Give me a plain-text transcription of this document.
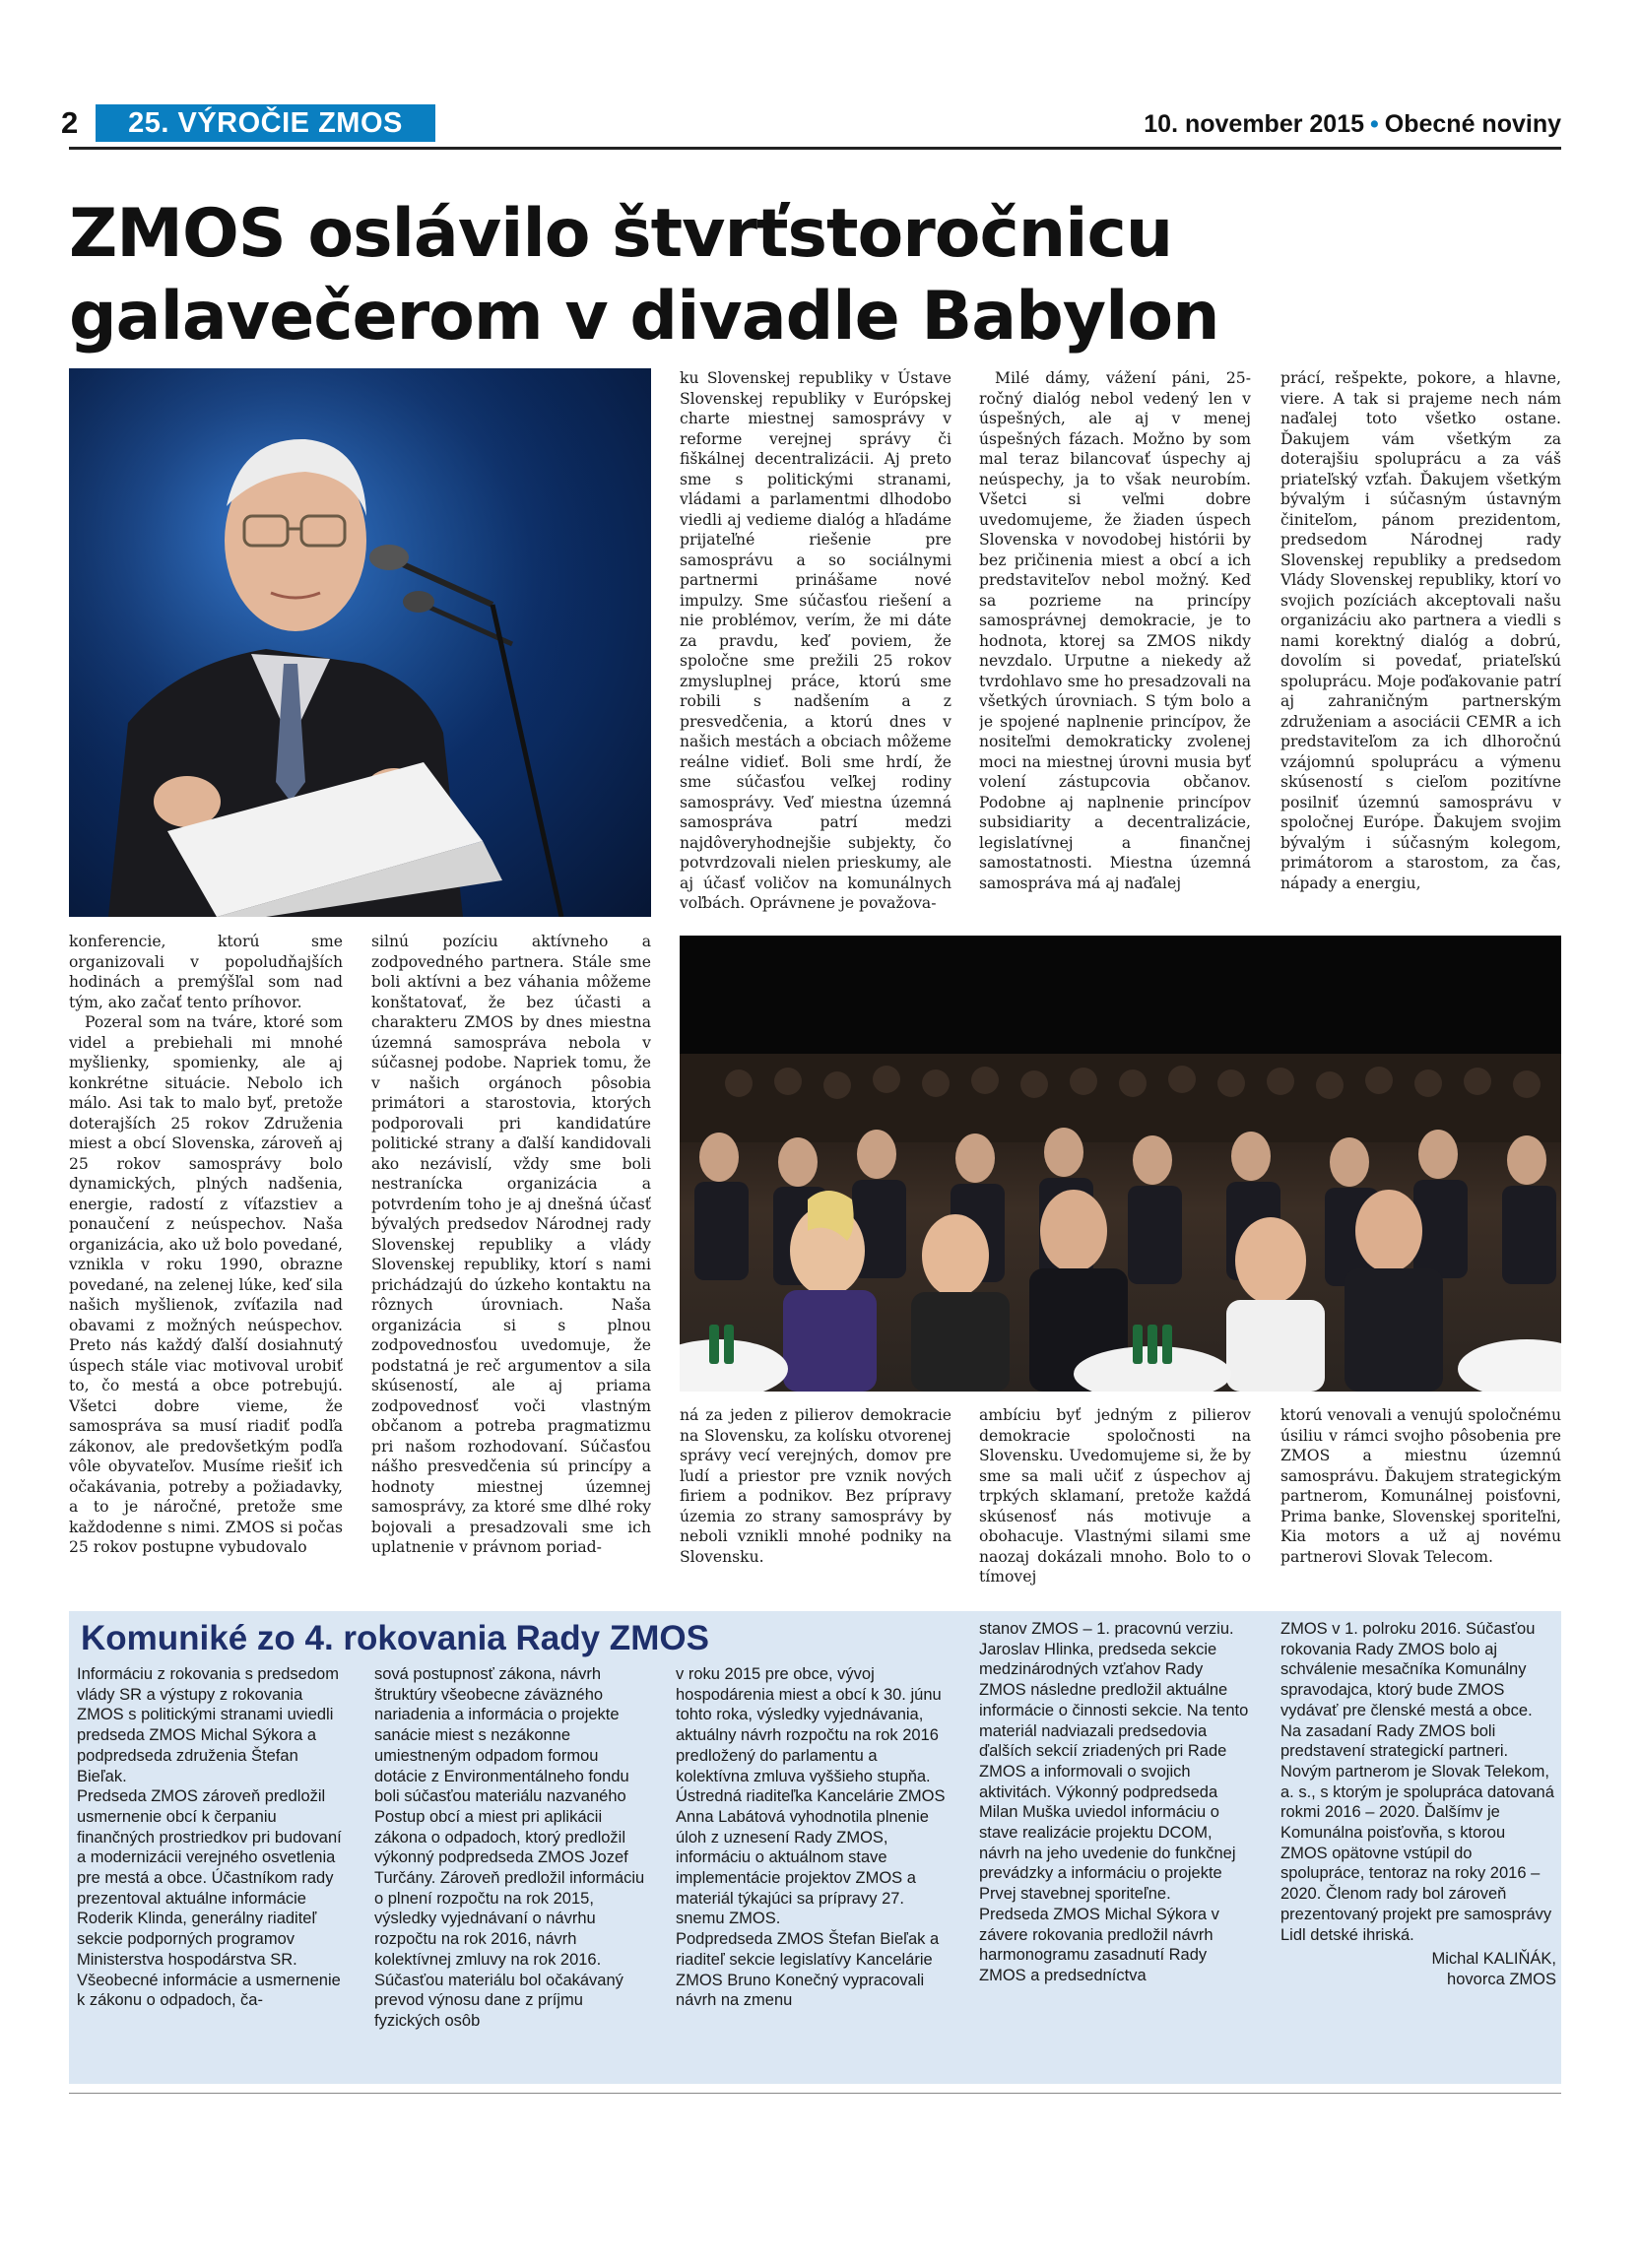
2	25. VÝROČIE ZMOS	10. november 2015 • Obecné noviny
ZMOS oslávilo štvrťstoročnicu
galavečerom v divadle Babylon

ku Slovenskej republiky v Ústave Slovenskej republiky v Európskej charte miestnej samosprávy v reforme verejnej správy či fiškálnej decentralizácii. Aj preto sme s politickými stranami, vládami a parlamentmi dlhodobo viedli aj vedieme dialóg a hľadáme prijateľné riešenie pre samosprávu a so sociálnymi partnermi prinášame nové impulzy. Sme súčasťou riešení a nie problémov, verím, že mi dáte za pravdu, keď poviem, že spoločne sme prežili 25 rokov zmysluplnej práce, ktorú sme robili s nadšením a z presvedčenia, a ktorú dnes v našich mestách a obciach môžeme reálne vidieť. Boli sme hrdí, že sme súčasťou veľkej rodiny samosprávy. Veď miestna územná samospráva patrí medzi najdôveryhodnejšie subjekty, čo potvrdzovali nielen prieskumy, ale aj účasť voličov na komunálnych voľbách. Oprávnene je považova-

Milé dámy, vážení páni, 25-ročný dialóg nebol vedený len v úspešných, ale aj v menej úspešných fázach. Možno by som mal teraz bilancovať úspechy aj neúspechy, ja to však neurobím. Všetci si veľmi dobre uvedomujeme, že žiaden úspech Slovenska v novodobej histórii by bez pričinenia miest a obcí a ich predstaviteľov nebol možný. Keď sa pozrieme na princípy samosprávnej demokracie, je to hodnota, ktorej sa ZMOS nikdy nevzdalo. Urputne a niekedy až tvrdohlavo sme ho presadzovali na všetkých úrovniach. S tým bolo a je spojené naplnenie princípov, že nositeľmi demokraticky zvolenej moci na miestnej úrovni musia byť volení zástupcovia občanov. Podobne aj naplnenie princípov subsidiarity a decentralizácie, legislatívnej a finančnej samostatnosti. Miestna územná samospráva má aj naďalej

prácí, rešpekte, pokore, a hlavne, viere. A tak si prajeme nech nám naďalej toto všetko ostane. Ďakujem vám všetkým za doterajšiu spoluprácu a za váš priateľský vzťah. Ďakujem všetkým bývalým i súčasným ústavným činiteľom, pánom prezidentom, predsedom Národnej rady Slovenskej republiky a predsedom Vlády Slovenskej republiky, ktorí vo svojich pozíciách akceptovali našu organizáciu ako partnera a viedli s nami korektný dialóg a dobrú, dovolím si povedať, priateľskú spoluprácu. Moje poďakovanie patrí aj zahraničným partnerským združeniam a asociácii CEMR a ich predstaviteľom za ich dlhoročnú vzájomnú spoluprácu a výmenu skúseností s cieľom pozitívne posilniť územnú samosprávu v spoločnej Európe. Ďakujem svojim bývalým i súčasným kolegom, primátorom a starostom, za čas, nápady a energiu,

konferencie, ktorú sme organizovali v popoludňajších hodinách a premýšľal som nad tým, ako začať tento príhovor.

Pozeral som na tváre, ktoré som videl a prebiehali mi mnohé myšlienky, spomienky, ale aj konkrétne situácie. Nebolo ich málo. Asi tak to malo byť, pretože doterajších 25 rokov Združenia miest a obcí Slovenska, zároveň aj 25 rokov samosprávy bolo dynamických, plných nadšenia, energie, radostí z víťazstiev a ponaučení z neúspechov. Naša organizácia, ako už bolo povedané, vznikla v roku 1990, obrazne povedané, na zelenej lúke, keď sila našich myšlienok, zvíťazila nad obavami z možných neúspechov. Preto nás každý ďalší dosiahnutý úspech stále viac motivoval urobiť to, čo mestá a obce potrebujú. Všetci dobre vieme, že samospráva sa musí riadiť podľa zákonov, ale predovšetkým podľa vôle obyvateľov. Musíme riešiť ich očakávania, potreby a požiadavky, a to je náročné, pretože sme každodenne s nimi. ZMOS si počas 25 rokov postupne vybudovalo

silnú pozíciu aktívneho a zodpovedného partnera. Stále sme boli aktívni a bez váhania môžeme konštatovať, že bez účasti a charakteru ZMOS by dnes miestna územná samospráva nebola v súčasnej podobe. Napriek tomu, že v našich orgánoch pôsobia primátori a starostovia, ktorých podporovali pri kandidatúre politické strany a ďalší kandidovali ako nezávislí, vždy sme boli nestranícka organizácia a potvrdením toho je aj dnešná účasť bývalých predsedov Národnej rady Slovenskej republiky a vlády Slovenskej republiky, ktorí s nami prichádzajú do úzkeho kontaktu na rôznych úrovniach. Naša organizácia si s plnou zodpovednosťou uvedomuje, že podstatná je reč argumentov a sila skúseností, ale aj priama zodpovednosť voči vlastným občanom a potreba pragmatizmu pri našom rozhodovaní. Súčasťou nášho presvedčenia sú princípy a hodnoty miestnej územnej samosprávy, za ktoré sme dlhé roky bojovali a presadzovali sme ich uplatnenie v právnom poriad-

ná za jeden z pilierov demokracie na Slovensku, za kolísku otvorenej správy vecí verejných, domov pre ľudí a priestor pre vznik nových firiem a podnikov. Bez prípravy územia zo strany samosprávy by neboli vznikli mnohé podniky na Slovensku.

ambíciu byť jedným z pilierov demokracie spoločnosti na Slovensku. Uvedomujeme si, že by sme sa mali učiť z úspechov aj trpkých sklamaní, pretože každá skúsenosť nás motivuje a obohacuje. Vlastnými silami sme naozaj dokázali mnoho. Bolo to o tímovej

ktorú venovali a venujú spoločnému úsiliu v rámci svojho pôsobenia pre ZMOS a miestnu územnú samosprávu. Ďakujem strategickým partnerom, Komunálnej poisťovni, Prima banke, Slovenskej sporiteľni, Kia motors a už aj novému partnerovi Slovak Telecom.

Komuniké zo 4. rokovania Rady ZMOS

Informáciu z rokovania s predsedom vlády SR a výstupy z rokovania ZMOS s politickými stranami uviedli predseda ZMOS Michal Sýkora a podpredseda združenia Štefan Bieľak.
Predseda ZMOS zároveň predložil usmernenie obcí k čerpaniu finančných prostriedkov pri budovaní a modernizácii verejného osvetlenia pre mestá a obce. Účastníkom rady prezentoval aktuálne informácie Roderik Klinda, generálny riaditeľ sekcie podporných programov Ministerstva hospodárstva SR. Všeobecné informácie a usmernenie k zákonu o odpadoch, ča-

sová postupnosť zákona, návrh štruktúry všeobecne záväzného nariadenia a informácia o projekte sanácie miest s nezákonne umiestneným odpadom formou dotácie z Environmentálneho fondu boli súčasťou materiálu nazvaného Postup obcí a miest pri aplikácii zákona o odpadoch, ktorý predložil výkonný podpredseda ZMOS Jozef Turčány. Zároveň predložil informáciu o plnení rozpočtu na rok 2015, výsledky vyjednávaní o návrhu rozpočtu na rok 2016, návrh kolektívnej zmluvy na rok 2016. Súčasťou materiálu bol očakávaný prevod výnosu dane z príjmu fyzických osôb

v roku 2015 pre obce, vývoj hospodárenia miest a obcí k 30. júnu tohto roka, výsledky vyjednávania, aktuálny návrh rozpočtu na rok 2016 predložený do parlamentu a kolektívna zmluva vyššieho stupňa. Ústredná riaditeľka Kancelárie ZMOS Anna Labátová vyhodnotila plnenie úloh z uznesení Rady ZMOS, informáciu o aktuálnom stave implementácie projektov ZMOS a materiál týkajúci sa prípravy 27. snemu ZMOS.
Podpredseda ZMOS Štefan Bieľak a riaditeľ sekcie legislatívy Kancelárie ZMOS Bruno Konečný vypracovali návrh na zmenu

stanov ZMOS – 1. pracovnú verziu.
Jaroslav Hlinka, predseda sekcie medzinárodných vzťahov Rady ZMOS následne predložil aktuálne informácie o činnosti sekcie. Na tento materiál nadviazali predsedovia ďalších sekcií zriadených pri Rade ZMOS a informovali o svojich aktivitách. Výkonný podpredseda Milan Muška uviedol informáciu o stave realizácie projektu DCOM, návrh na jeho uvedenie do funkčnej prevádzky a informáciu o projekte Prvej stavebnej sporiteľne.
Predseda ZMOS Michal Sýkora v závere rokovania predložil návrh harmonogramu zasadnutí Rady ZMOS a predsedníctva

ZMOS v 1. polroku 2016. Súčasťou rokovania Rady ZMOS bolo aj schválenie mesačníka Komunálny spravodajca, ktorý bude ZMOS vydávať pre členské mestá a obce. Na zasadaní Rady ZMOS boli predstavení strategickí partneri. Novým partnerom je Slovak Telekom, a. s., s ktorým je spolupráca datovaná rokmi 2016 – 2020. Ďalšímv je Komunálna poisťovňa, s ktorou ZMOS opätovne vstúpil do spolupráce, tentoraz na roky 2016 – 2020. Členom rady bol zároveň prezentovaný projekt pre samosprávy Lidl detské ihriská.

Michal KALIŇÁK,

hovorca ZMOS
